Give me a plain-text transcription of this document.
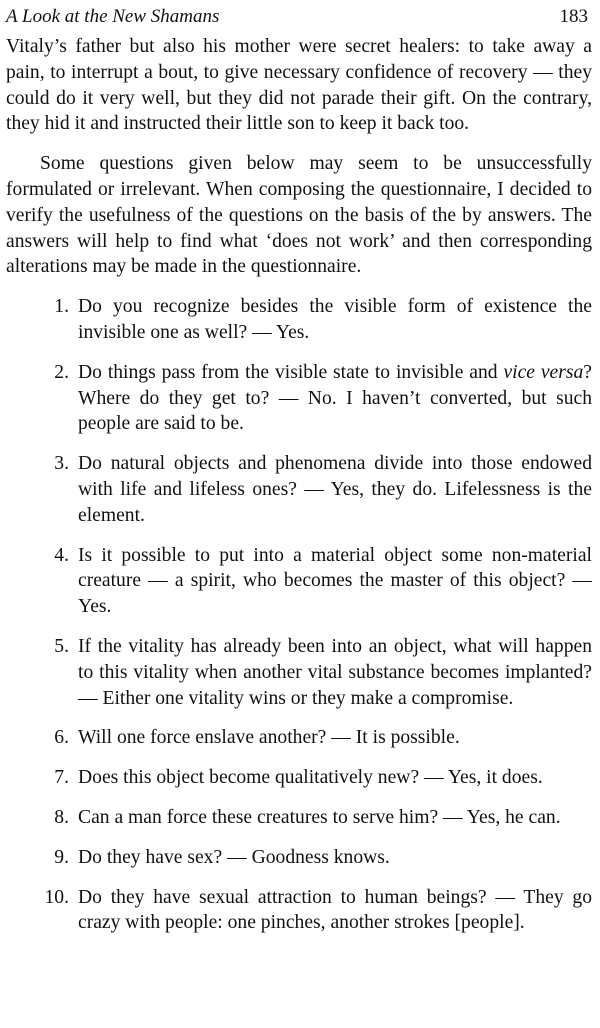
A Look at the New Shamans	183

Vitaly’s father but also his mother were secret healers: to take away a pain, to interrupt a bout, to give necessary confidence of recovery — they could do it very well, but they did not parade their gift. On the contrary, they hid it and instructed their little son to keep it back too.

Some questions given below may seem to be unsuccessfully formulated or irrelevant. When composing the questionnaire, I decided to verify the usefulness of the questions on the basis of the by answers. The answers will help to find what ‘does not work’ and then corresponding alterations may be made in the questionnaire.

1. Do you recognize besides the visible form of existence the invisible one as well? — Yes.
2. Do things pass from the visible state to invisible and vice versa? Where do they get to? — No. I haven’t converted, but such people are said to be.
3. Do natural objects and phenomena divide into those endowed with life and lifeless ones? — Yes, they do. Lifelessness is the element.
4. Is it possible to put into a material object some non-material creature — a spirit, who becomes the master of this object? — Yes.
5. If the vitality has already been into an object, what will happen to this vitality when another vital substance becomes implanted? — Either one vitality wins or they make a compromise.
6. Will one force enslave another? — It is possible.
7. Does this object become qualitatively new? — Yes, it does.
8. Can a man force these creatures to serve him? — Yes, he can.
9. Do they have sex? — Goodness knows.
10. Do they have sexual attraction to human beings? — They go crazy with people: one pinches, another strokes [people].
